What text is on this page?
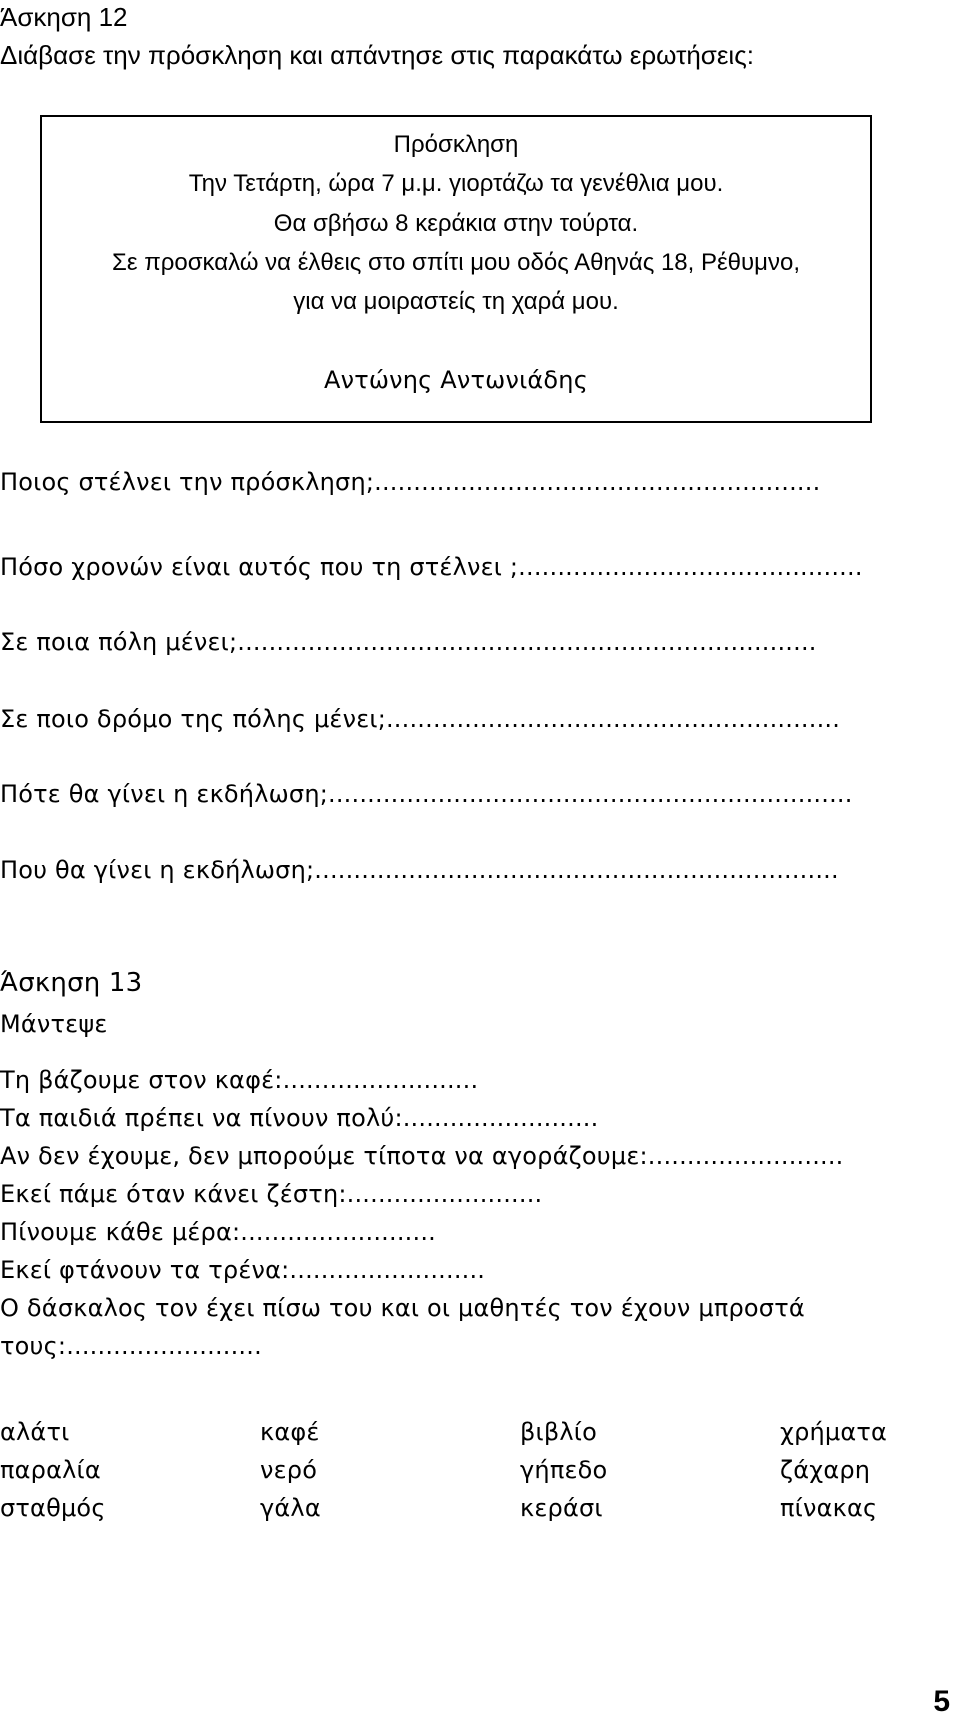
Άσκηση 12
Διάβασε την πρόσκληση και απάντησε στις παρακάτω ερωτήσεις:
Πρόσκληση
Την Τετάρτη, ώρα 7 μ.μ. γιορτάζω τα γενέθλια μου.
Θα σβήσω 8 κεράκια στην τούρτα.
Σε προσκαλώ να έλθεις στο σπίτι μου οδός Αθηνάς 18, Ρέθυμνο,
για να μοιραστείς τη χαρά μου.
Αντώνης Αντωνιάδης
Ποιος στέλνει την πρόσκληση;.........................................................
Πόσο χρονών είναι αυτός που τη στέλνει ;............................................
Σε ποια πόλη μένει;..........................................................................
Σε ποιο δρόμο της πόλης μένει;..........................................................
Πότε θα γίνει η εκδήλωση;...................................................................
Που θα γίνει η εκδήλωση;...................................................................
Άσκηση 13
Μάντεψε
Τη βάζουμε στον καφέ:.........................
Τα παιδιά πρέπει να πίνουν πολύ:.........................
Αν δεν έχουμε, δεν μπορούμε τίποτα να αγοράζουμε:.........................
Εκεί πάμε όταν κάνει ζέστη:.........................
Πίνουμε κάθε μέρα:.........................
Εκεί φτάνουν τα τρένα:.........................
Ο δάσκαλος τον έχει πίσω του και οι μαθητές τον έχουν μπροστά
τους:.........................
αλάτι	καφέ	βιβλίο	χρήματα
παραλία	νερό	γήπεδο	ζάχαρη
σταθμός	γάλα	κεράσι	πίνακας
5
